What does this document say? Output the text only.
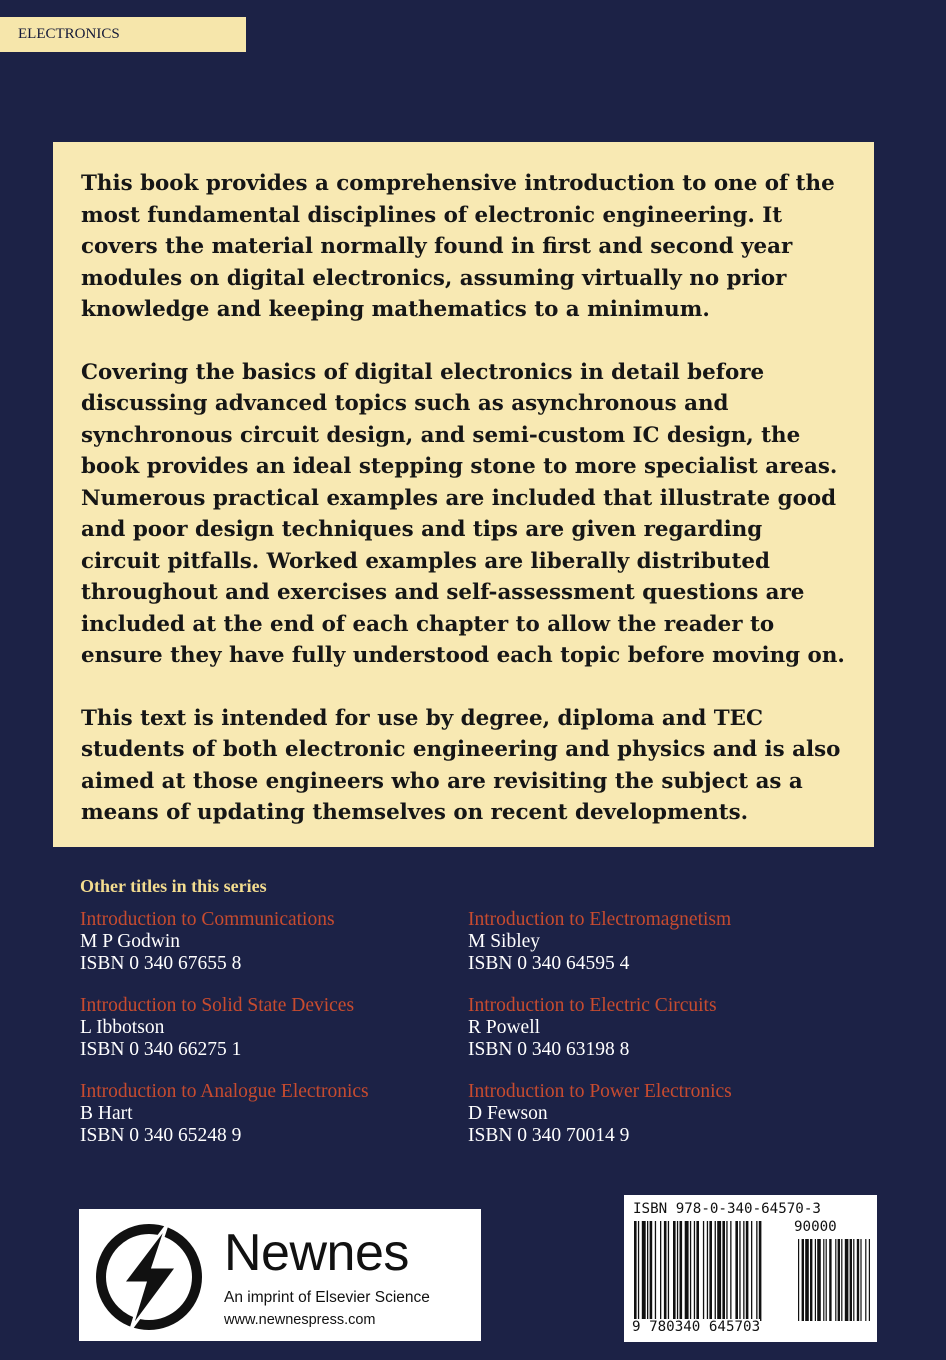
ELECTRONICS

This book provides a comprehensive introduction to one of the most fundamental disciplines of electronic engineering. It covers the material normally found in first and second year modules on digital electronics, assuming virtually no prior knowledge and keeping mathematics to a minimum.

Covering the basics of digital electronics in detail before discussing advanced topics such as asynchronous and synchronous circuit design, and semi-custom IC design, the book provides an ideal stepping stone to more specialist areas. Numerous practical examples are included that illustrate good and poor design techniques and tips are given regarding circuit pitfalls. Worked examples are liberally distributed throughout and exercises and self-assessment questions are included at the end of each chapter to allow the reader to ensure they have fully understood each topic before moving on.

This text is intended for use by degree, diploma and TEC students of both electronic engineering and physics and is also aimed at those engineers who are revisiting the subject as a means of updating themselves on recent developments.

Other titles in this series
Introduction to Communications
M P Godwin
ISBN 0 340 67655 8
Introduction to Electromagnetism
M Sibley
ISBN 0 340 64595 4
Introduction to Solid State Devices
L Ibbotson
ISBN 0 340 66275 1
Introduction to Electric Circuits
R Powell
ISBN 0 340 63198 8
Introduction to Analogue Electronics
B Hart
ISBN 0 340 65248 9
Introduction to Power Electronics
D Fewson
ISBN 0 340 70014 9
Newnes
An imprint of Elsevier Science
www.newnespress.com
ISBN 978-0-340-64570-3
90000
9 780340 645703
